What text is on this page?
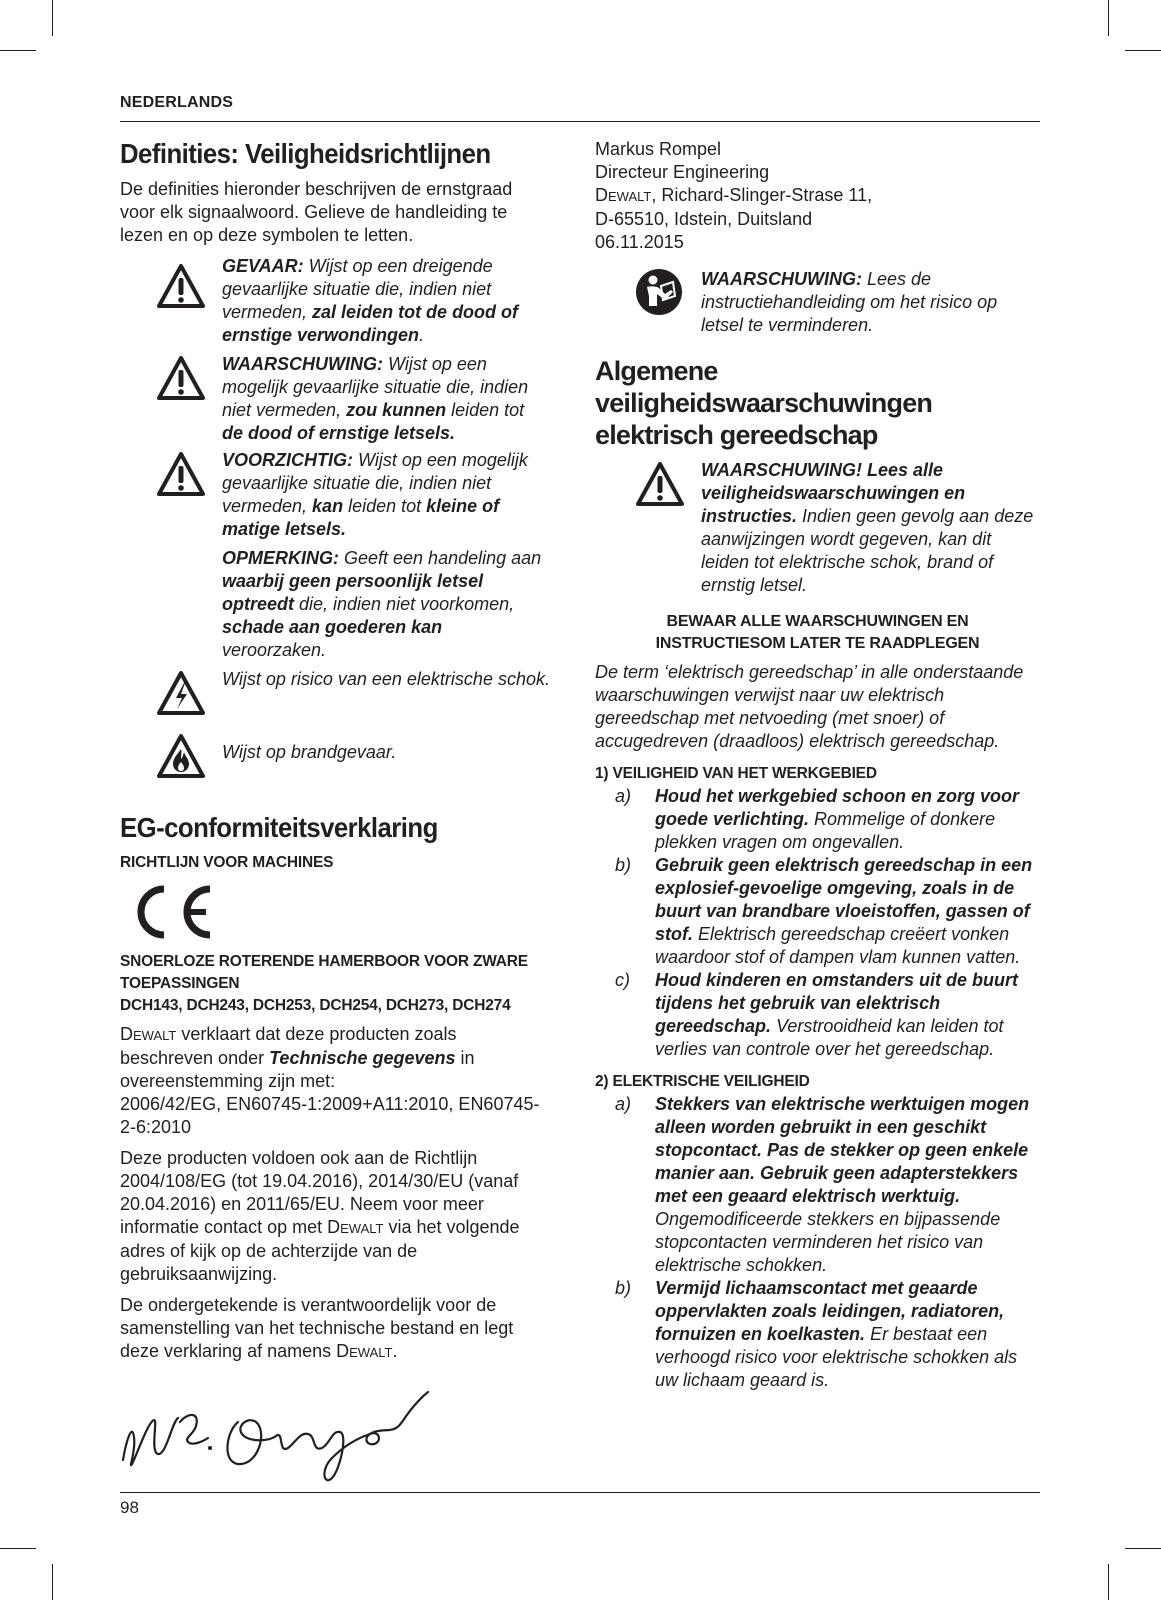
NEDERLANDS
Definities: Veiligheidsrichtlijnen

De definities hieronder beschrijven de ernstgraad voor elk signaalwoord. Gelieve de handleiding te lezen en op deze symbolen te letten.

GEVAAR: Wijst op een dreigende gevaarlijke situatie die, indien niet vermeden, zal leiden tot de dood of ernstige verwondingen.
WAARSCHUWING: Wijst op een mogelijk gevaarlijke situatie die, indien niet vermeden, zou kunnen leiden tot de dood of ernstige letsels.
VOORZICHTIG: Wijst op een mogelijk gevaarlijke situatie die, indien niet vermeden, kan leiden tot kleine of matige letsels.
OPMERKING: Geeft een handeling aan waarbij geen persoonlijk letsel optreedt die, indien niet voorkomen, schade aan goederen kan veroorzaken.
Wijst op risico van een elektrische schok.
Wijst op brandgevaar.
EG-conformiteitsverklaring

RICHTLIJN VOOR MACHINES

SNOERLOZE ROTERENDE HAMERBOOR VOOR ZWARE TOEPASSINGEN

DCH143, DCH243, DCH253, DCH254, DCH273, DCH274

DEWALT verklaart dat deze producten zoals beschreven onder Technische gegevens in overeenstemming zijn met:
2006/42/EG, EN60745-1:2009+A11:2010, EN60745-2-6:2010

Deze producten voldoen ook aan de Richtlijn 2004/108/EG (tot 19.04.2016), 2014/30/EU (vanaf 20.04.2016) en 2011/65/EU. Neem voor meer informatie contact op met DEWALT via het volgende adres of kijk op de achterzijde van de gebruiksaanwijzing.

De ondergetekende is verantwoordelijk voor de samenstelling van het technische bestand en legt deze verklaring af namens DEWALT.

Markus Rompel

Directeur Engineering

DEWALT, Richard-Slinger-Strase 11,

D-65510, Idstein, Duitsland

06.11.2015

WAARSCHUWING: Lees de instructiehandleiding om het risico op letsel te verminderen.
Algemene veiligheidswaarschuwingen elektrisch gereedschap
WAARSCHUWING! Lees alle veiligheidswaarschuwingen en instructies. Indien geen gevolg aan deze aanwijzingen wordt gegeven, kan dit leiden tot elektrische schok, brand of ernstig letsel.
BEWAAR ALLE WAARSCHUWINGEN EN
INSTRUCTIESOM LATER TE RAADPLEGEN

De term ‘elektrisch gereedschap’ in alle onderstaande waarschuwingen verwijst naar uw elektrisch gereedschap met netvoeding (met snoer) of accugedreven (draadloos) elektrisch gereedschap.

1) VEILIGHEID VAN HET WERKGEBIED

a)	Houd het werkgebied schoon en zorg voor goede verlichting. Rommelige of donkere plekken vragen om ongevallen.
b)	Gebruik geen elektrisch gereedschap in een explosief-gevoelige omgeving, zoals in de buurt van brandbare vloeistoffen, gassen of stof. Elektrisch gereedschap creëert vonken waardoor stof of dampen vlam kunnen vatten.
c)	Houd kinderen en omstanders uit de buurt tijdens het gebruik van elektrisch gereedschap. Verstrooidheid kan leiden tot verlies van controle over het gereedschap.

2) ELEKTRISCHE VEILIGHEID

a)	Stekkers van elektrische werktuigen mogen alleen worden gebruikt in een geschikt stopcontact. Pas de stekker op geen enkele manier aan. Gebruik geen adapterstekkers met een geaard elektrisch werktuig. Ongemodificeerde stekkers en bijpassende stopcontacten verminderen het risico van elektrische schokken.
b)	Vermijd lichaamscontact met geaarde oppervlakten zoals leidingen, radiatoren, fornuizen en koelkasten. Er bestaat een verhoogd risico voor elektrische schokken als uw lichaam geaard is.
98
